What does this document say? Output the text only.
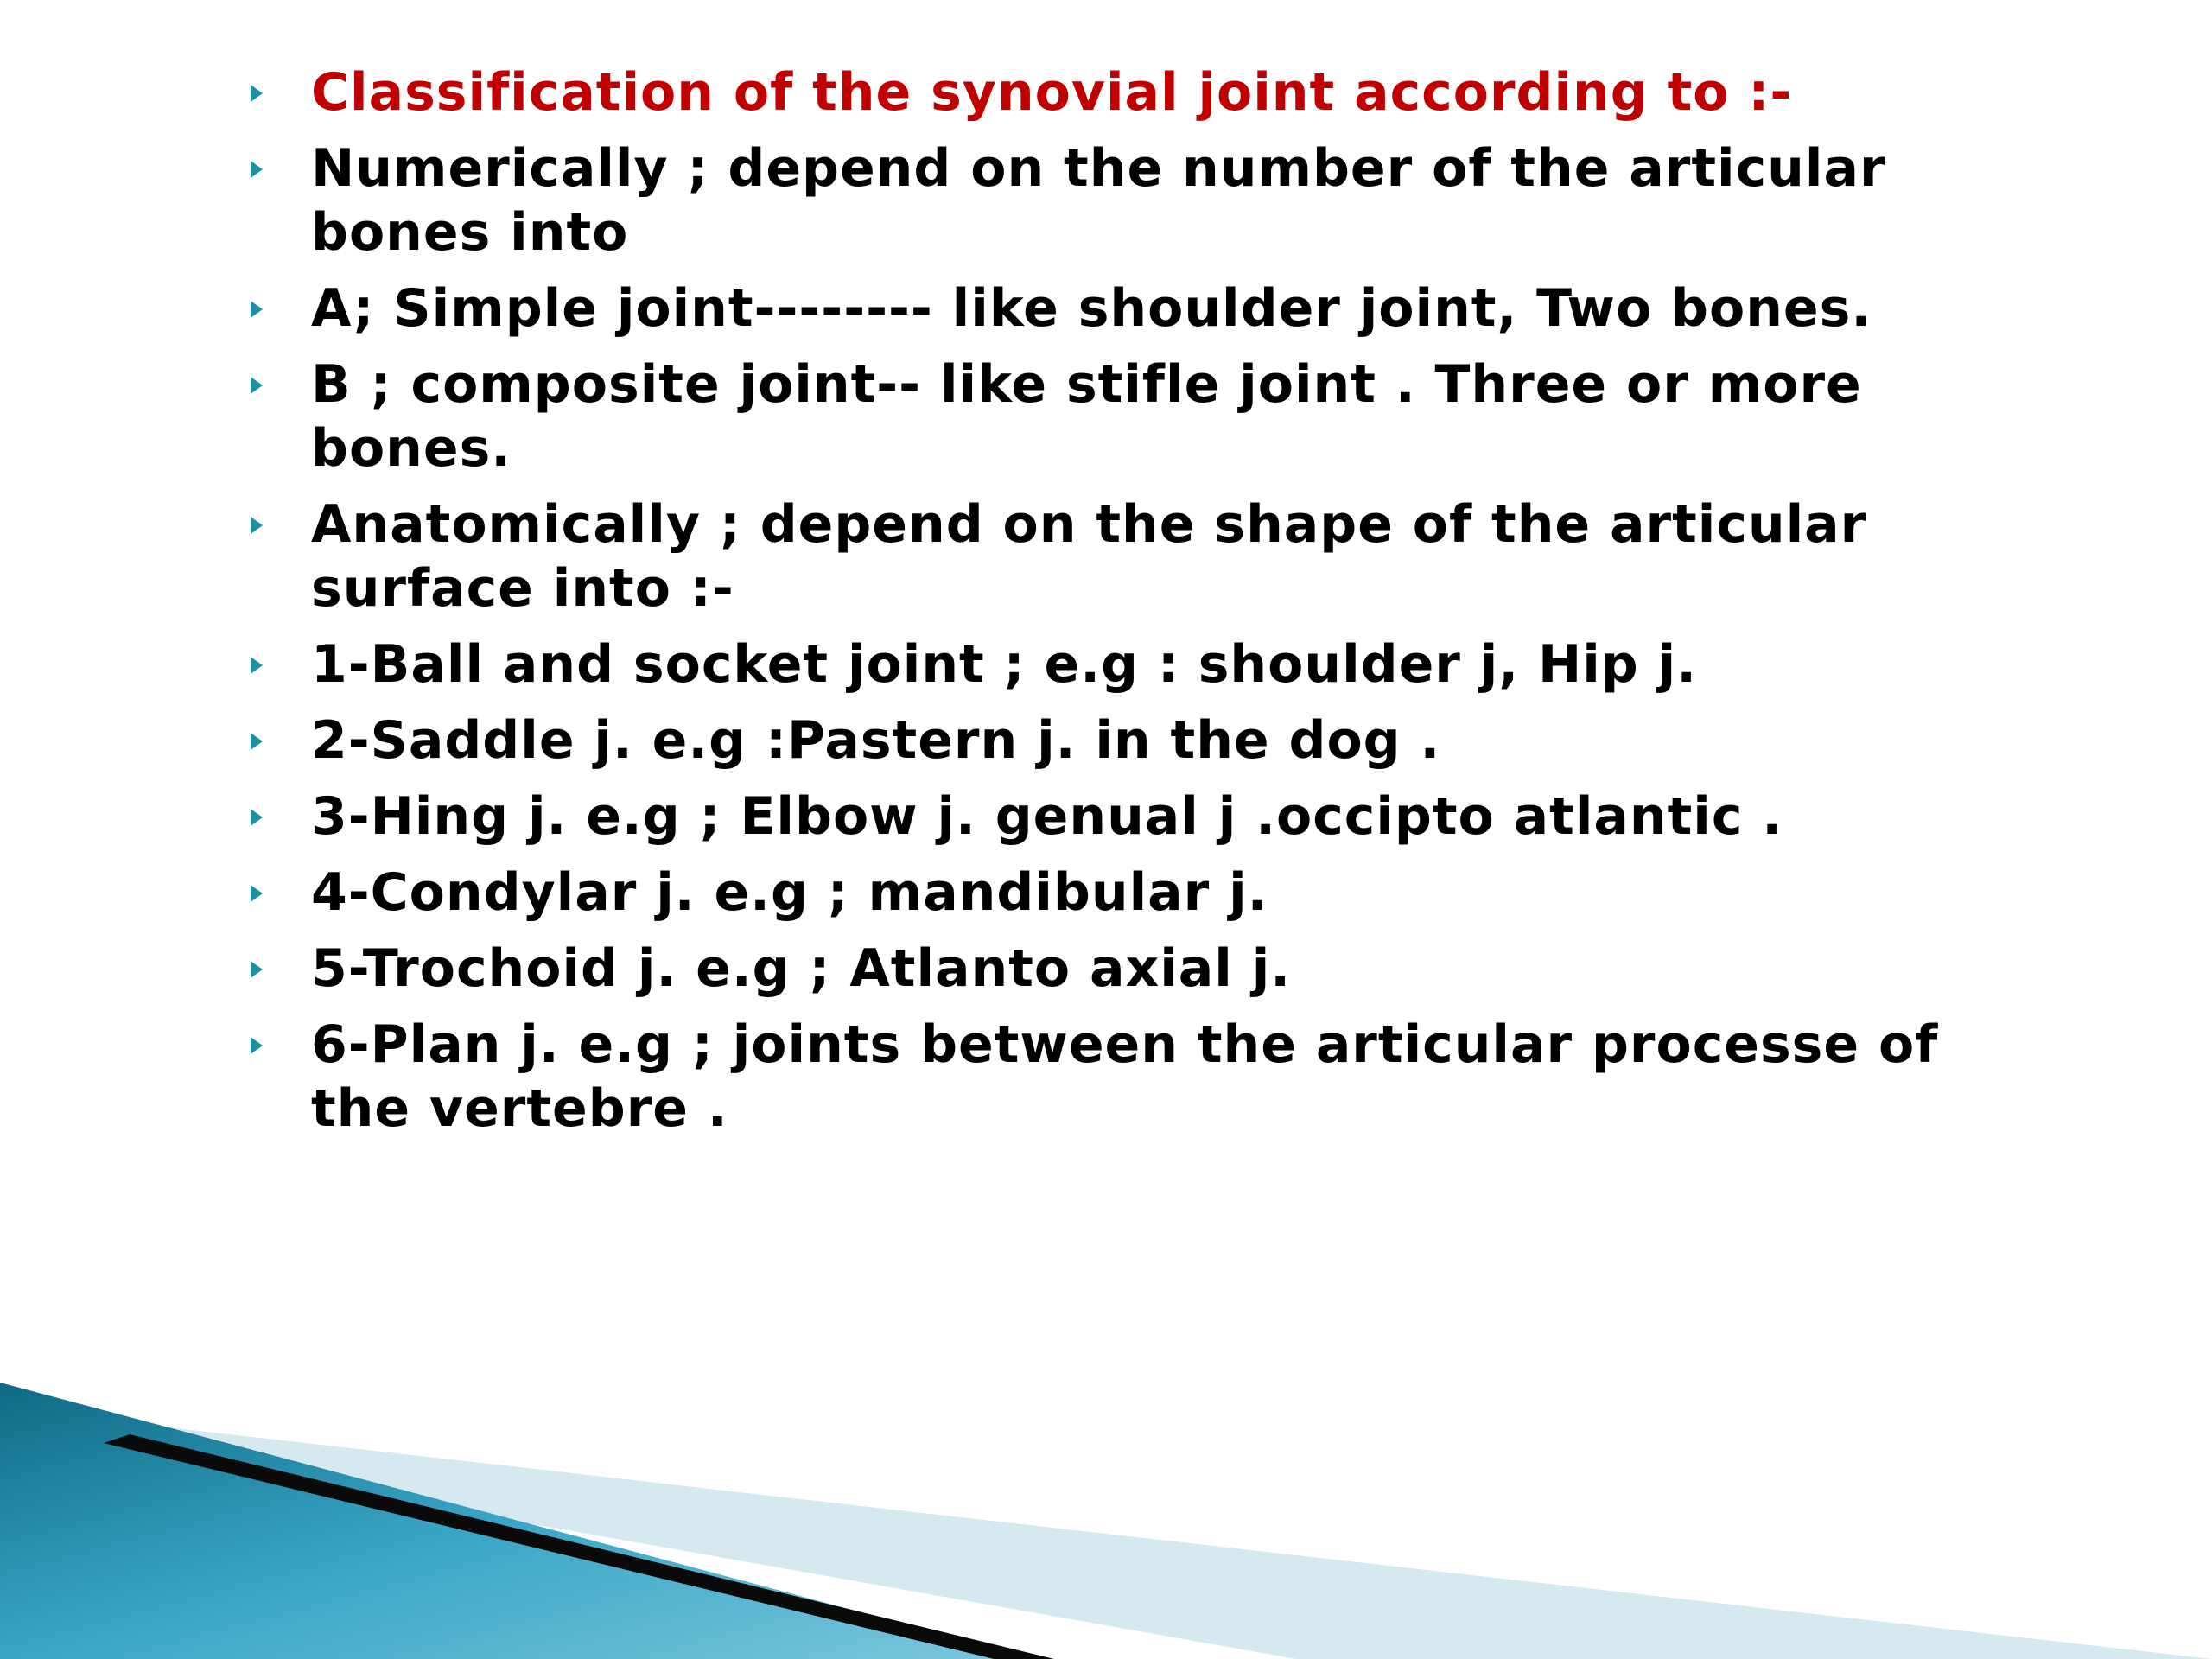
Classification of the synovial joint according to :-
Numerically ; depend on the number of the articular bones into
A; Simple joint-------- like shoulder joint, Two bones.
B ; composite joint-- like stifle joint . Three or more bones.
Anatomically ; depend on the shape of the articular surface into :-
1-Ball and socket joint ; e.g : shoulder j, Hip j.
2-Saddle j. e.g :Pastern j. in the dog .
3-Hing j. e.g ; Elbow j. genual j .occipto atlantic .
4-Condylar j. e.g ; mandibular j.
5-Trochoid j. e.g ; Atlanto axial j.
6-Plan j. e.g ; joints between the articular processe of the vertebre .
